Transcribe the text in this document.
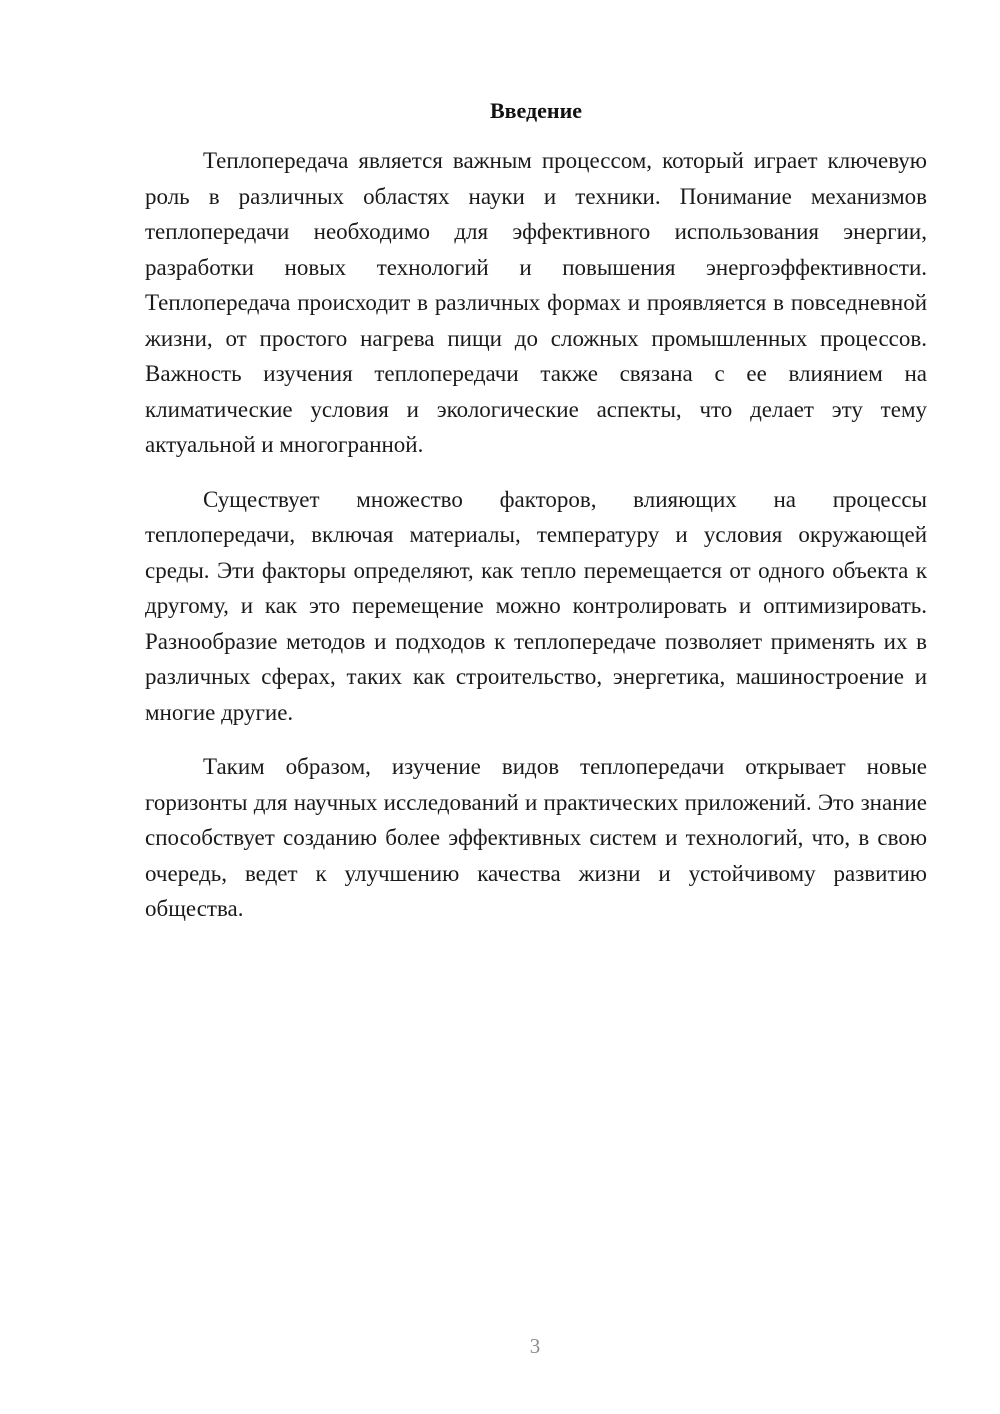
Введение

Теплопередача является важным процессом, который играет ключевую роль в различных областях науки и техники. Понимание механизмов теплопередачи необходимо для эффективного использования энергии, разработки новых технологий и повышения энергоэффективности. Теплопередача происходит в различных формах и проявляется в повседневной жизни, от простого нагрева пищи до сложных промышленных процессов. Важность изучения теплопередачи также связана с ее влиянием на климатические условия и экологические аспекты, что делает эту тему актуальной и многогранной.

Существует множество факторов, влияющих на процессы теплопередачи, включая материалы, температуру и условия окружающей среды. Эти факторы определяют, как тепло перемещается от одного объекта к другому, и как это перемещение можно контролировать и оптимизировать. Разнообразие методов и подходов к теплопередаче позволяет применять их в различных сферах, таких как строительство, энергетика, машиностроение и многие другие.

Таким образом, изучение видов теплопередачи открывает новые горизонты для научных исследований и практических приложений. Это знание способствует созданию более эффективных систем и технологий, что, в свою очередь, ведет к улучшению качества жизни и устойчивому развитию общества.

3
